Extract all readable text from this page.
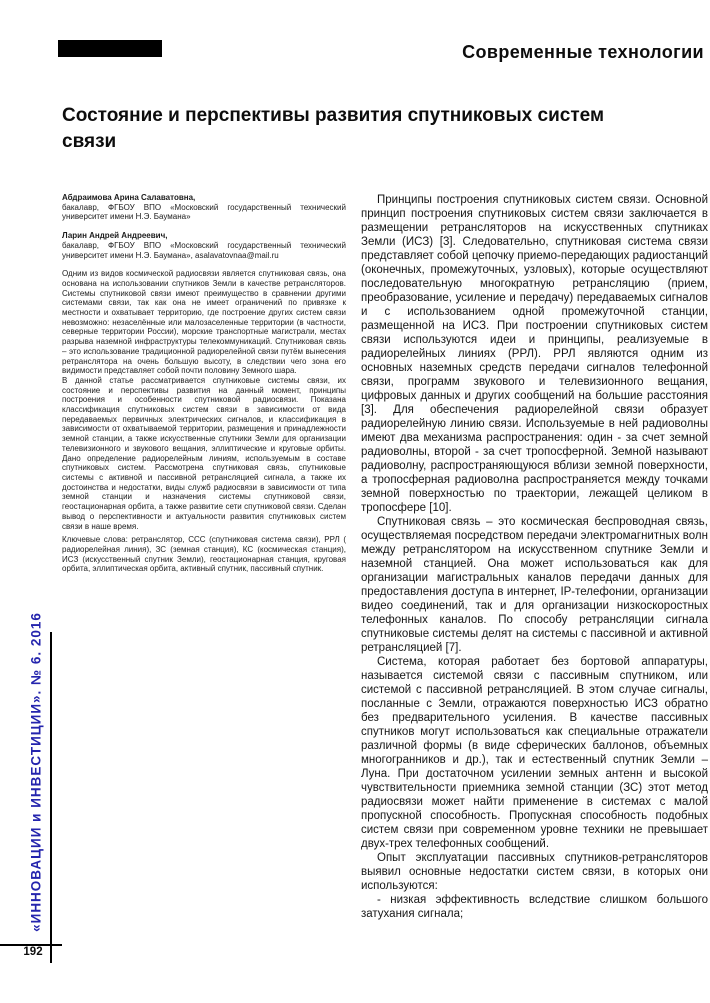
Современные технологии
Состояние и перспективы развития спутниковых систем связи

Абдраимова Арина Салаватовна,

бакалавр, ФГБОУ ВПО «Московский государственный технический университет имени Н.Э. Баумана»

Ларин Андрей Андреевич,

бакалавр, ФГБОУ ВПО «Московский государственный технический университет имени Н.Э. Баумана», asalavatovnaa@mail.ru

Одним из видов космической радиосвязи является спутниковая связь, она основана на использовании спутников Земли в качестве ретрансляторов. Системы спутниковой связи имеют преимущество в сравнении другими системами связи, так как она не имеет ограничений по привязке к местности и охватывает территорию, где построение других систем связи невозможно: незаселённые или малозаселенные территории (в частности, северные территории России), морские транспортные магистрали, местах разрыва наземной инфраструктуры телекоммуникаций. Спутниковая связь – это использование традиционной радиорелейной связи путём вынесения ретранслятора на очень большую высоту, в следствии чего зона его видимости представляет собой почти половину Земного шара.

В данной статье рассматривается спутниковые системы связи, их состояние и перспективы развития на данный момент, принципы построения и особенности спутниковой радиосвязи. Показана классификация спутниковых систем связи в зависимости от вида передаваемых первичных электрических сигналов, и классификация в зависимости от охватываемой территории, размещения и принадлежности земной станции, а также искусственные спутники Земли для организации телевизионного и звукового вещания, эллиптические и круговые орбиты. Дано определение радиорелейным линиям, используемым в составе спутниковых систем. Рассмотрена спутниковая связь, спутниковые системы с активной и пассивной ретрансляцией сигнала, а также их достоинства и недостатки, виды служб радиосвязи в зависимости от типа земной станции и назначения системы спутниковой связи, геостационарная орбита, а также развитие сети спутниковой связи. Сделан вывод о перспективности и актуальности развития спутниковых систем связи в наше время.

Ключевые слова: ретранслятор, ССС (спутниковая система связи), РРЛ ( радиорелейная линия), ЗС (земная станция), КС (космическая станция), ИСЗ (искусственный спутник Земли), геостационарная станция, круговая орбита, эллиптическая орбита, активный спутник, пассивный спутник.

Принципы построения спутниковых систем связи. Основной принцип построения спутниковых систем связи заключается в размещении ретрансляторов на искусственных спутниках Земли (ИСЗ) [3]. Следовательно, спутниковая система связи представляет собой цепочку приемо-передающих радиостанций (оконечных, промежуточных, узловых), которые осуществляют последовательную многократную ретрансляцию (прием, преобразование, усиление и передачу) передаваемых сигналов и с использованием одной промежуточной станции, размещенной на ИСЗ. При построении спутниковых систем связи используются идеи и принципы, реализуемые в радиорелейных линиях (РРЛ). РРЛ являются одним из основных наземных средств передачи сигналов телефонной связи, программ звукового и телевизионного вещания, цифровых данных и других сообщений на большие расстояния [3]. Для обеспечения радиорелейной связи образует радиорелейную линию связи. Используемые в ней радиоволны имеют два механизма распространения: один - за счет земной радиоволны, второй - за счет тропосферной. Земной называют радиоволну, распространяющуюся вблизи земной поверхности, а тропосферная радиоволна распространяется между точками земной поверхностью по траектории, лежащей целиком в тропосфере [10].

Спутниковая связь – это космическая беспроводная связь, осуществляемая посредством передачи электромагнитных волн между ретранслятором на искусственном спутнике Земли и наземной станцией. Она может использоваться как для организации магистральных каналов передачи данных для предоставления доступа в интернет, IP-телефонии, организации видео соединений, так и для организации низкоскоростных телефонных каналов. По способу ретрансляции сигнала спутниковые системы делят на системы с пассивной и активной ретрансляцией [7].

Система, которая работает без бортовой аппаратуры, называется системой связи с пассивным спутником, или системой с пассивной ретрансляцией. В этом случае сигналы, посланные с Земли, отражаются поверхностью ИСЗ обратно без предварительного усиления. В качестве пассивных спутников могут использоваться как специальные отражатели различной формы (в виде сферических баллонов, объемных многогранников и др.), так и естественный спутник Земли –Луна. При достаточном усилении земных антенн и высокой чувствительности приемника земной станции (ЗС) этот метод радиосвязи может найти применение в системах с малой пропускной способность. Пропускная способность подобных систем связи при современном уровне техники не превышает двух-трех телефонных сообщений.

Опыт эксплуатации пассивных спутников-ретрансляторов выявил основные недостатки систем связи, в которых они используются:

- низкая эффективность вследствие слишком большого затухания сигнала;

«ИННОВАЦИИ и ИНВЕСТИЦИИ». № 6. 2016
192
